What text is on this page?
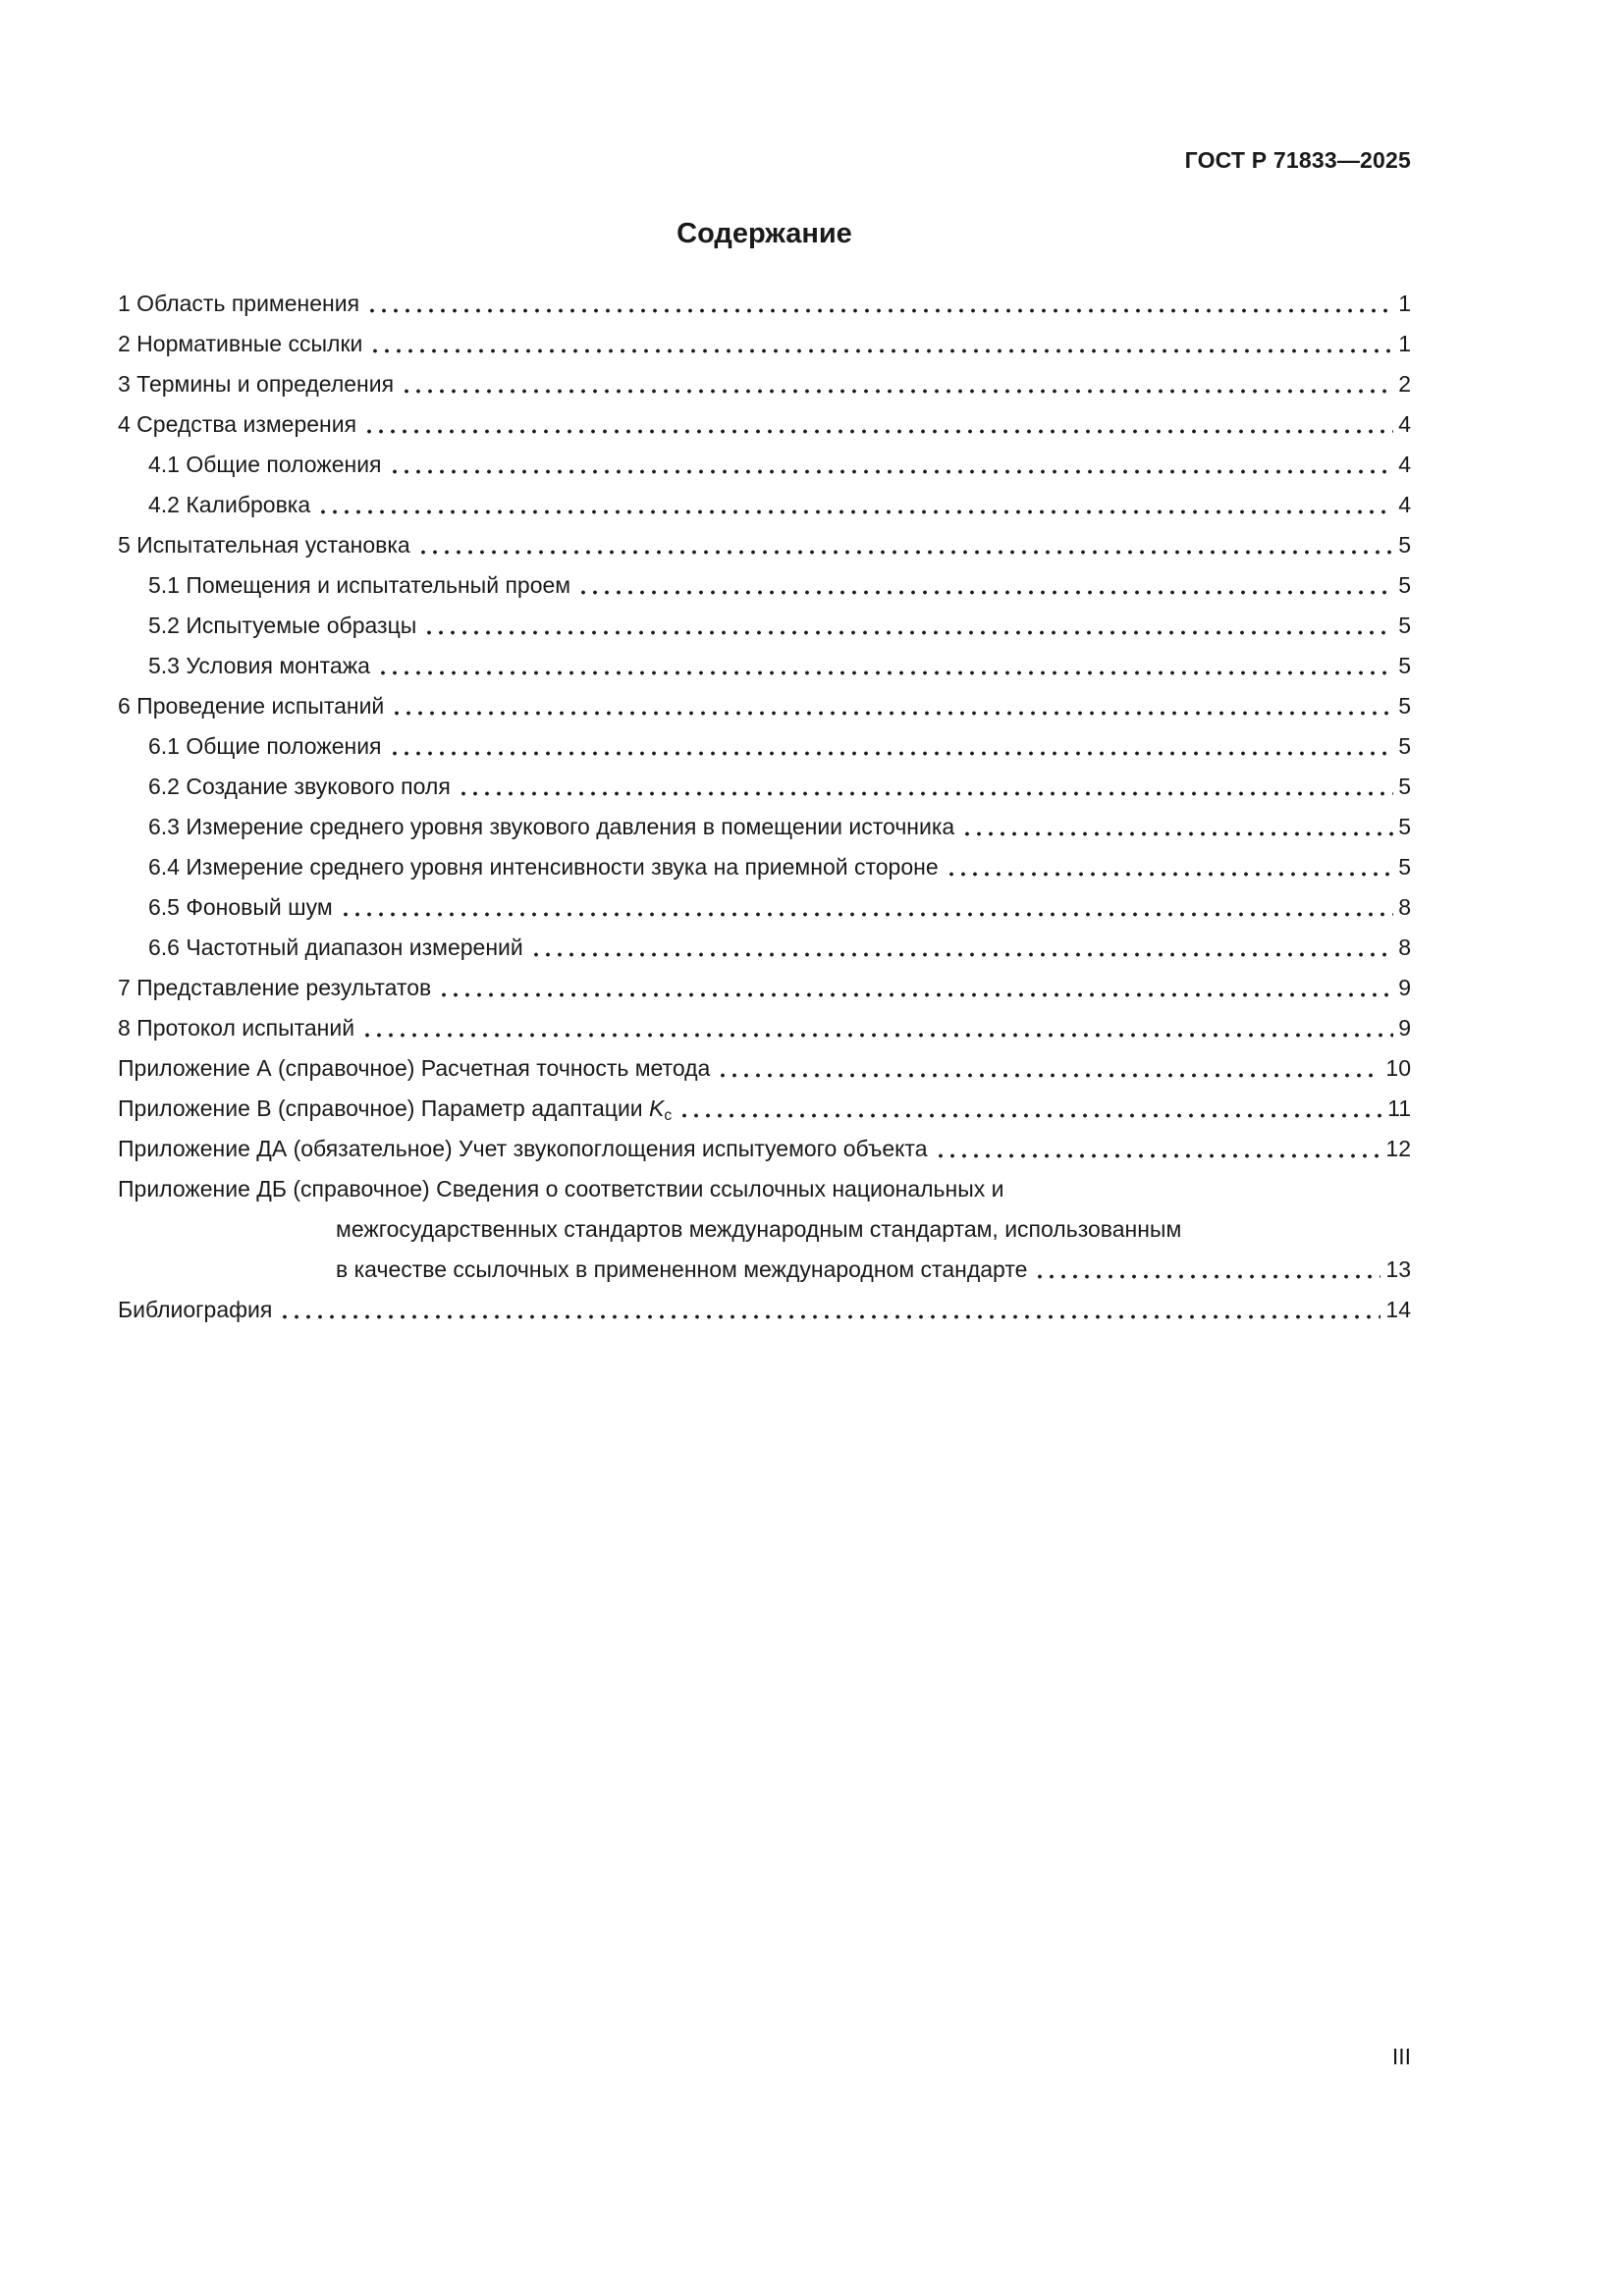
ГОСТ Р 71833—2025
Содержание
1 Область применения	1
2 Нормативные ссылки	1
3 Термины и определения	2
4 Средства измерения	4
4.1 Общие положения	4
4.2 Калибровка	4
5 Испытательная установка	5
5.1 Помещения и испытательный проем	5
5.2 Испытуемые образцы	5
5.3 Условия монтажа	5
6 Проведение испытаний	5
6.1 Общие положения	5
6.2 Создание звукового поля	5
6.3 Измерение среднего уровня звукового давления в помещении источника	5
6.4 Измерение среднего уровня интенсивности звука на приемной стороне	5
6.5 Фоновый шум	8
6.6 Частотный диапазон измерений	8
7 Представление результатов	9
8 Протокол испытаний	9
Приложение А (справочное) Расчетная точность метода	10
Приложение В (справочное) Параметр адаптации $K_c$	11
Приложение ДА (обязательное) Учет звукопоглощения испытуемого объекта	12
Приложение ДБ (справочное) Сведения о соответствии ссылочных национальных и
межгосударственных стандартов международным стандартам, использованным
в качестве ссылочных в примененном международном стандарте	13
Библиография	14
III
